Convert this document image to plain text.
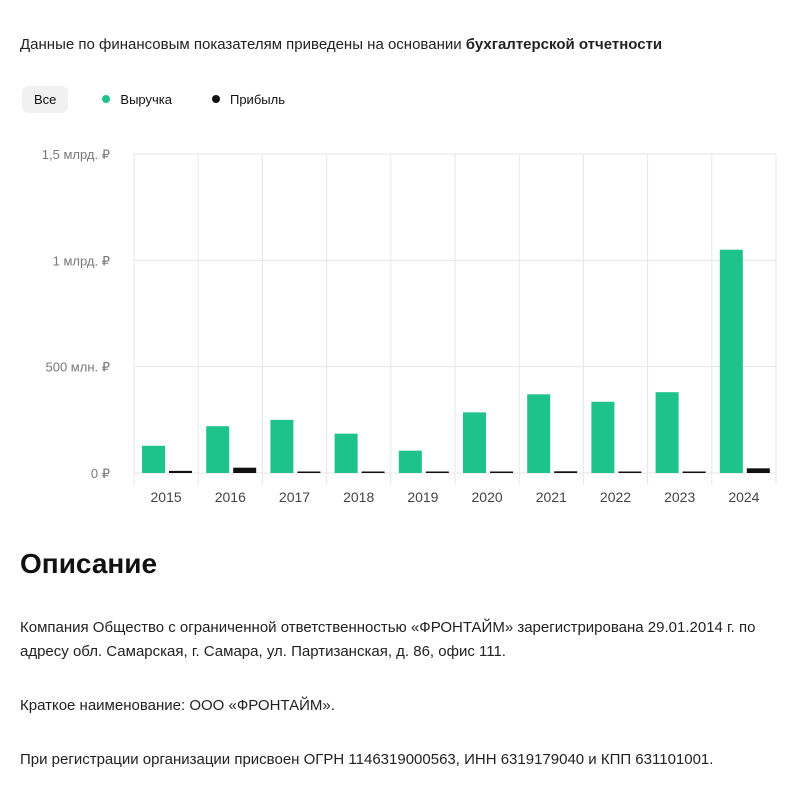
Данные по финансовым показателям приведены на основании бухгалтерской отчетности
Все	Выручка	Прибыль
0 ₽
500 млн. ₽
1 млрд. ₽
1,5 млрд. ₽
2015 2016 2017 2018 2019 2020 2021 2022 2023 2024
Описание

Компания Общество с ограниченной ответственностью «ФРОНТАЙМ» зарегистрирована 29.01.2014 г. по адресу обл. Самарская, г. Самара, ул. Партизанская, д. 86, офис 111.

Краткое наименование: ООО «ФРОНТАЙМ».

При регистрации организации присвоен ОГРН 1146319000563, ИНН 6319179040 и КПП 631101001.
